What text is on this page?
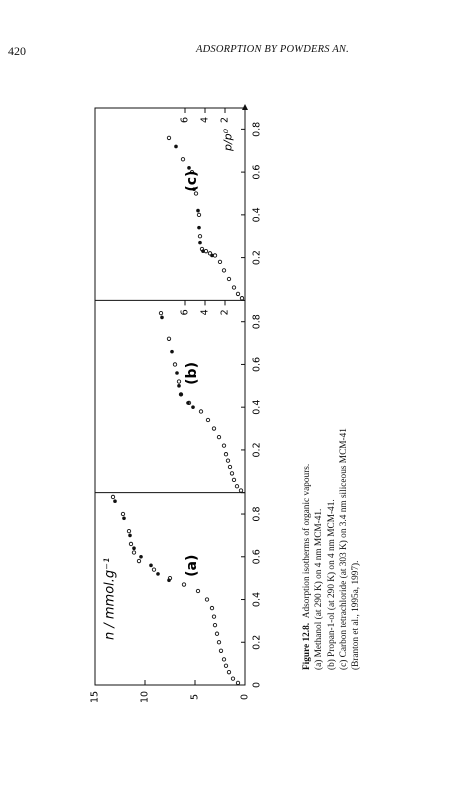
420	ADSORPTION BY POWDERS AN.
0
0.2
0.4
0.6
0.8
0.2
0.4
0.6
0.8
2
4
6
0.2
0.4
0.6
0.8
2
4
6
0
5
10
15
(a)
(b)
(c)
n / mmol.g⁻¹
p/p⁰
Figure 12.8.  Adsorption isotherms of organic vapours. (a) Methanol (at 290 K) on 4 nm MCM-41. (b) Propan-1-ol (at 290 K) on 4 nm MCM-41. (c) Carbon tetrachloride (at 303 K) on 3.4 nm siliceous MCM-41 (Branton et al., 1995a, 1997).
